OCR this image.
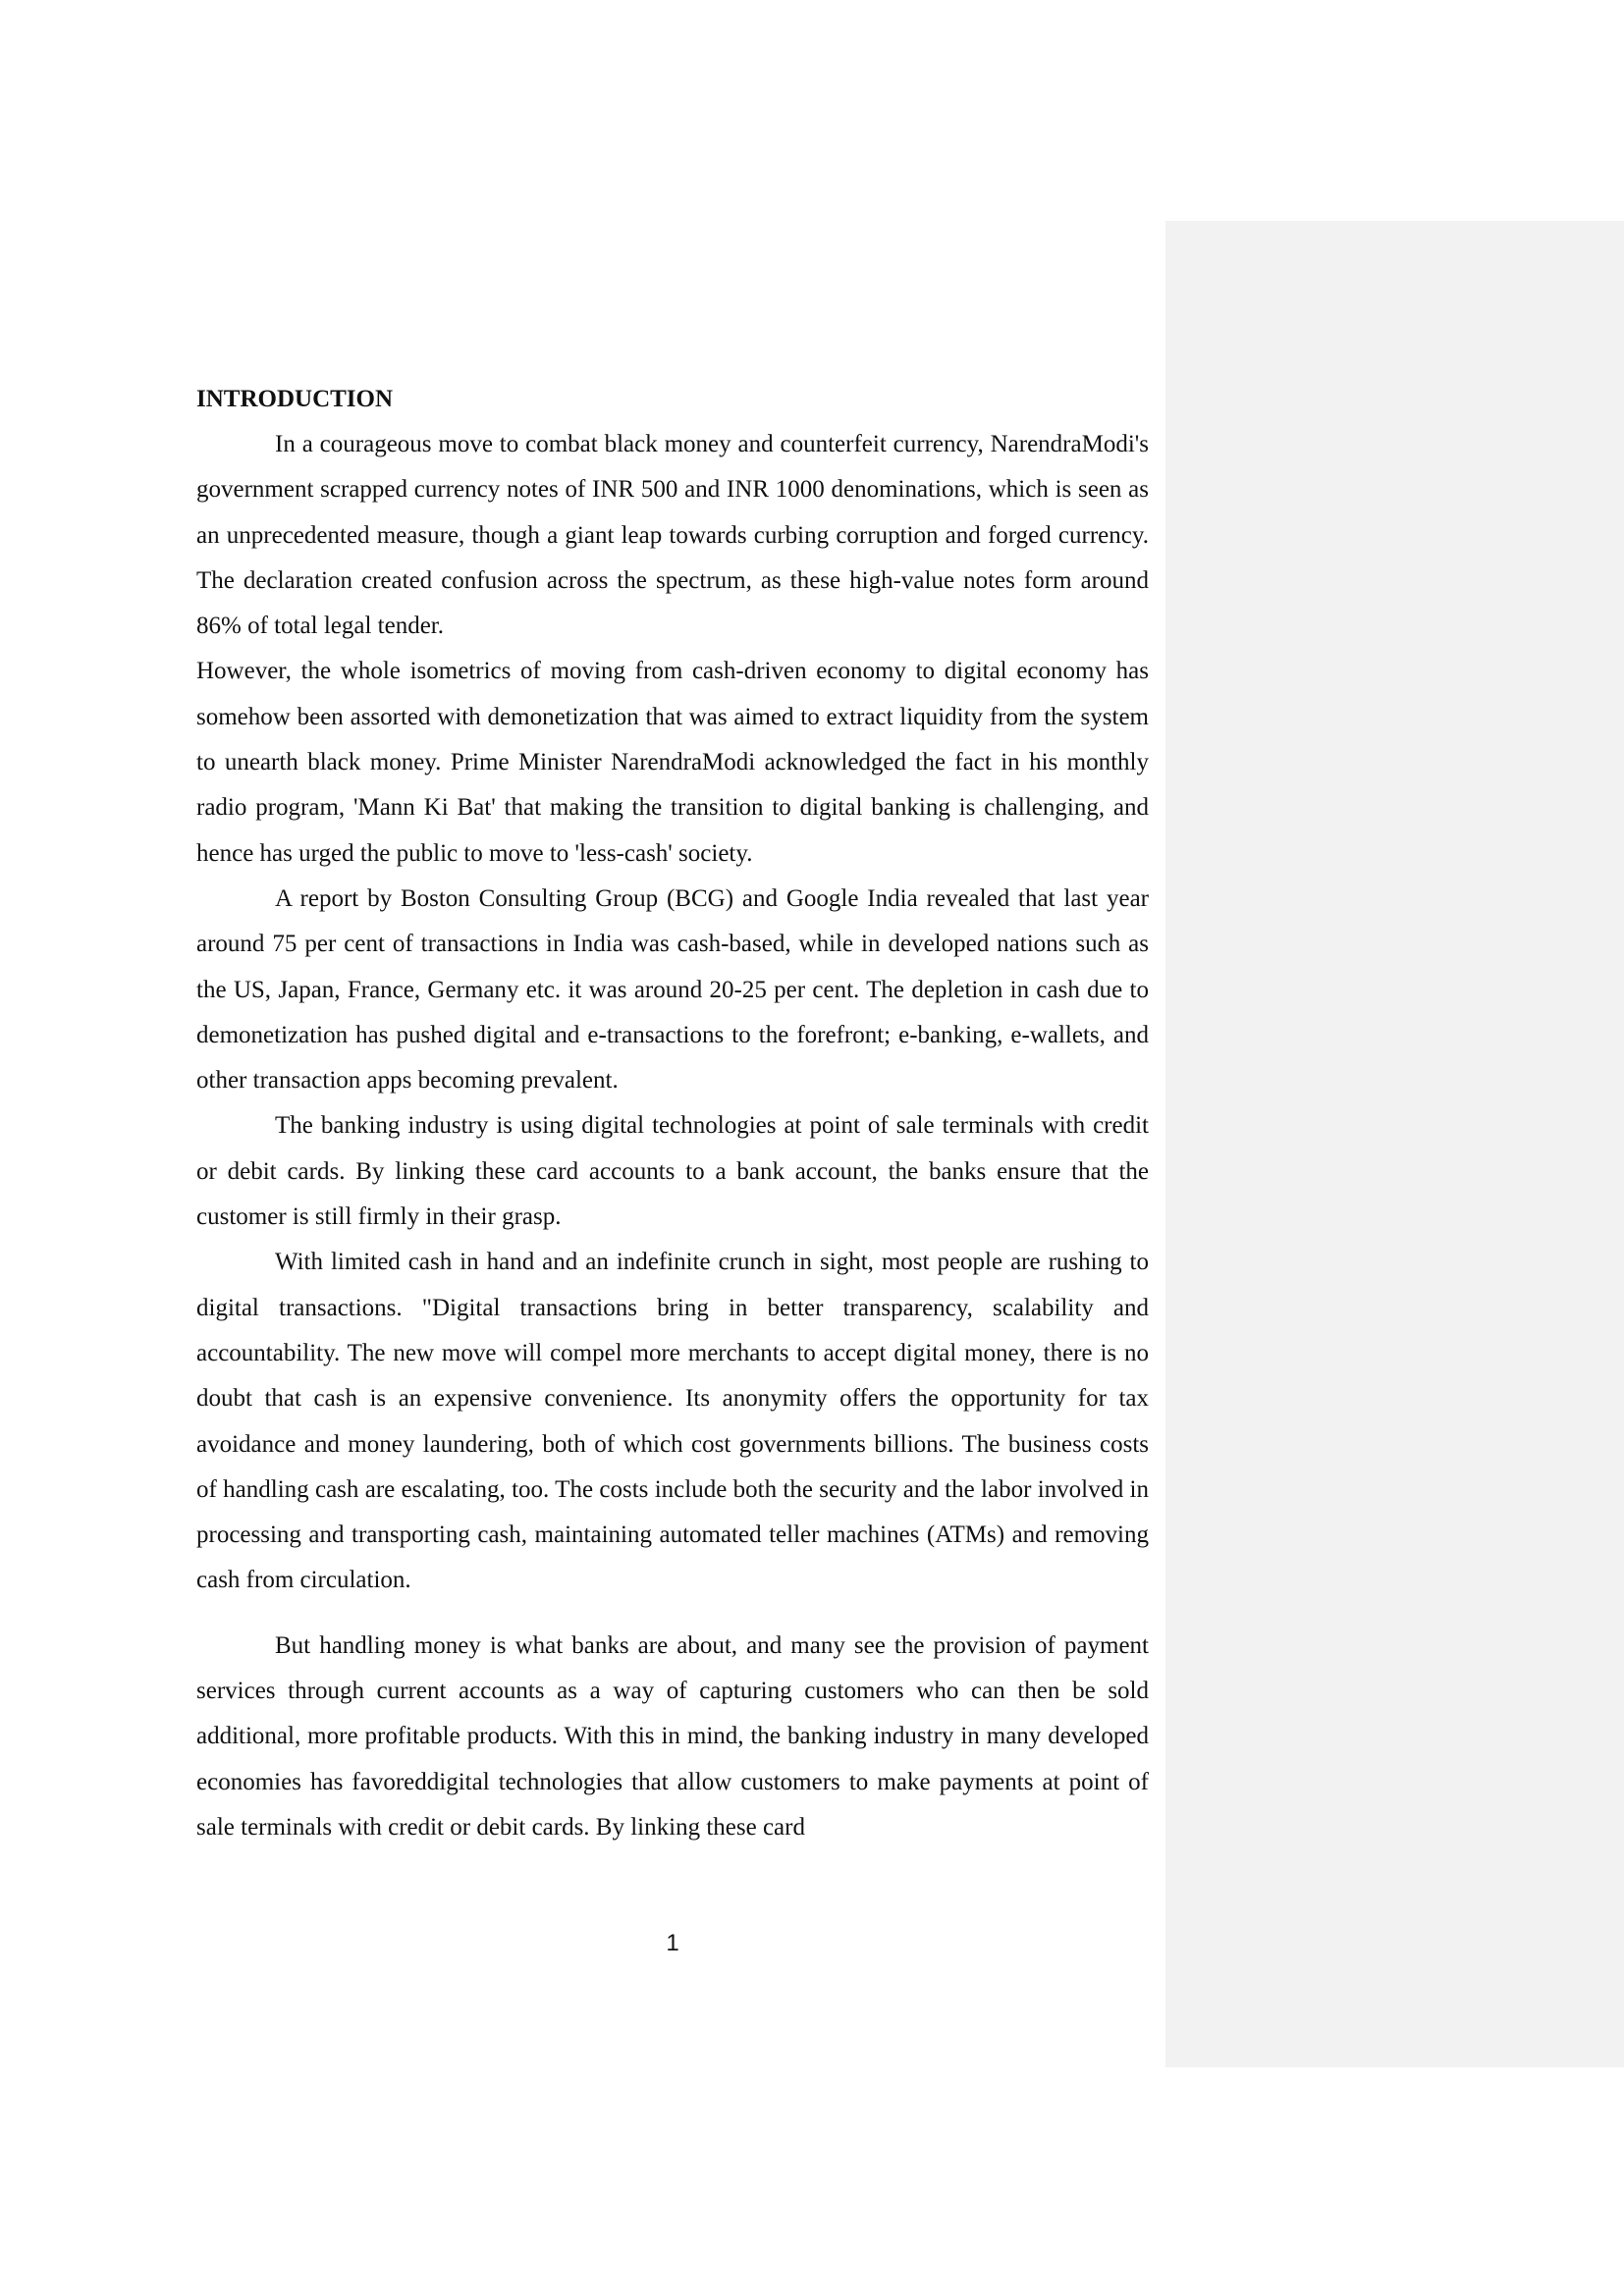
INTRODUCTION

In a courageous move to combat black money and counterfeit currency, NarendraModi's government scrapped currency notes of INR 500 and INR 1000 denominations, which is seen as an unprecedented measure, though a giant leap towards curbing corruption and forged currency. The declaration created confusion across the spectrum, as these high-value notes form around 86% of total legal tender.

However, the whole isometrics of moving from cash-driven economy to digital economy has somehow been assorted with demonetization that was aimed to extract liquidity from the system to unearth black money. Prime Minister NarendraModi acknowledged the fact in his monthly radio program, 'Mann Ki Bat' that making the transition to digital banking is challenging, and hence has urged the public to move to 'less-cash' society.

A report by Boston Consulting Group (BCG) and Google India revealed that last year around 75 per cent of transactions in India was cash-based, while in developed nations such as the US, Japan, France, Germany etc. it was around 20-25 per cent. The depletion in cash due to demonetization has pushed digital and e-transactions to the forefront; e-banking, e-wallets, and other transaction apps becoming prevalent.

The banking industry is using digital technologies at point of sale terminals with credit or debit cards. By linking these card accounts to a bank account, the banks ensure that the customer is still firmly in their grasp.

With limited cash in hand and an indefinite crunch in sight, most people are rushing to digital transactions. "Digital transactions bring in better transparency, scalability and accountability. The new move will compel more merchants to accept digital money, there is no doubt that cash is an expensive convenience. Its anonymity offers the opportunity for tax avoidance and money laundering, both of which cost governments billions. The business costs of handling cash are escalating, too. The costs include both the security and the labor involved in processing and transporting cash, maintaining automated teller machines (ATMs) and removing cash from circulation.

But handling money is what banks are about, and many see the provision of payment services through current accounts as a way of capturing customers who can then be sold additional, more profitable products. With this in mind, the banking industry in many developed economies has favoreddigital technologies that allow customers to make payments at point of sale terminals with credit or debit cards. By linking these card

1
